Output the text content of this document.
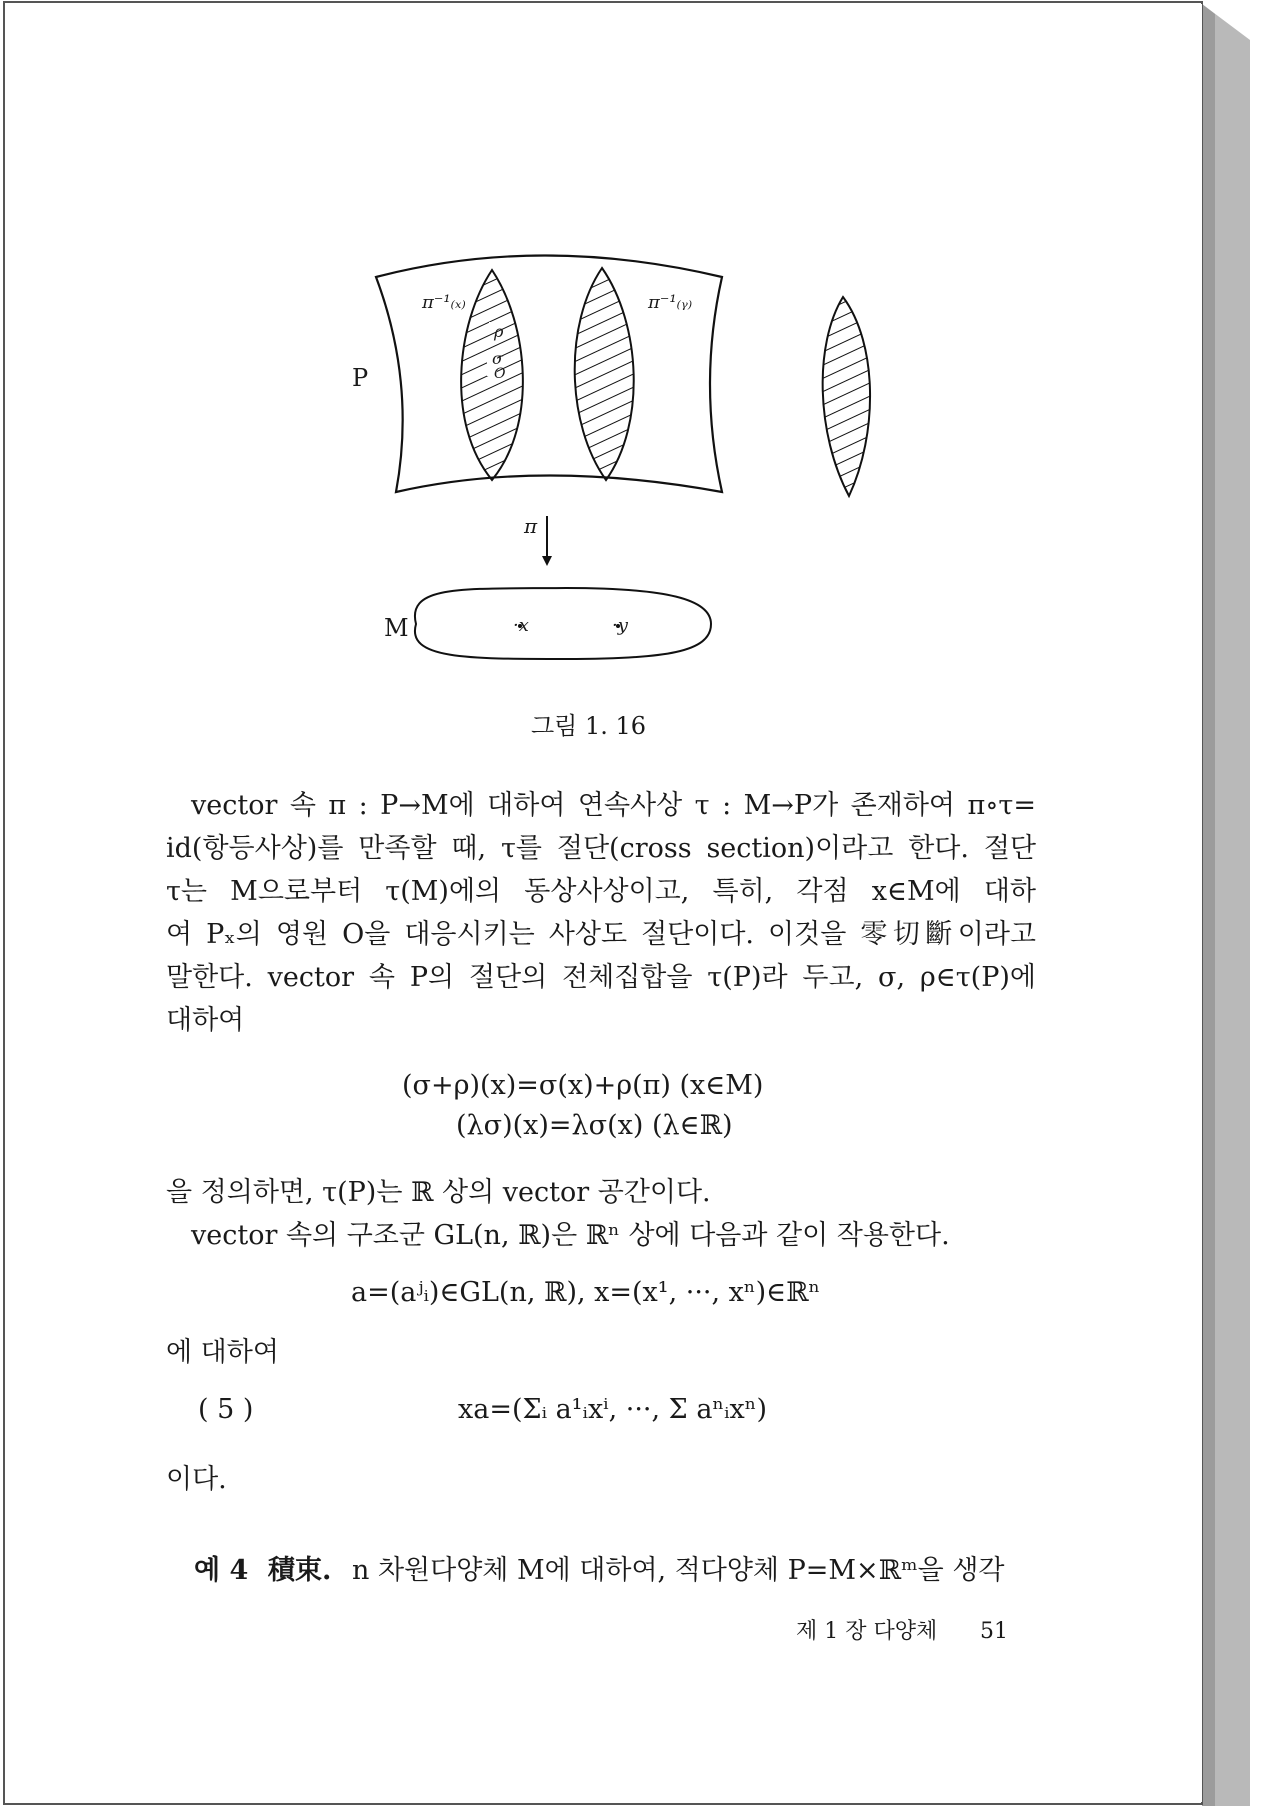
P
M
π
π⁻¹₍ₓ₎	π⁻¹₍ᵧ₎
·x	·y
ρ
σ
O
그림 1. 16
vector 속 π : P→M에 대하여 연속사상 τ : M→P가 존재하여 π∘τ=
id(항등사상)를 만족할 때, τ를 절단(cross section)이라고 한다. 절단
τ는 M으로부터 τ(M)에의 동상사상이고, 특히, 각점 x∈M에 대하
여 Pₓ의 영원 O을 대응시키는 사상도 절단이다. 이것을 零切斷이라고
말한다. vector 속 P의 절단의 전체집합을 τ(P)라 두고, σ, ρ∈τ(P)에
대하여
(σ+ρ)(x)=σ(x)+ρ(π) (x∈M)
(λσ)(x)=λσ(x) (λ∈ℝ)
을 정의하면, τ(P)는 ℝ 상의 vector 공간이다.
vector 속의 구조군 GL(n, ℝ)은 ℝⁿ 상에 다음과 같이 작용한다.
a=(aʲᵢ)∈GL(n, ℝ), x=(x¹, ···, xⁿ)∈ℝⁿ
에 대하여
( 5 )	xa=(Σᵢ a¹ᵢxⁱ, ···, Σ aⁿᵢxⁿ)
이다.
예 4 積束. n 차원다양체 M에 대하여, 적다양체 P=M×ℝᵐ을 생각
제 1 장 다양체 51
